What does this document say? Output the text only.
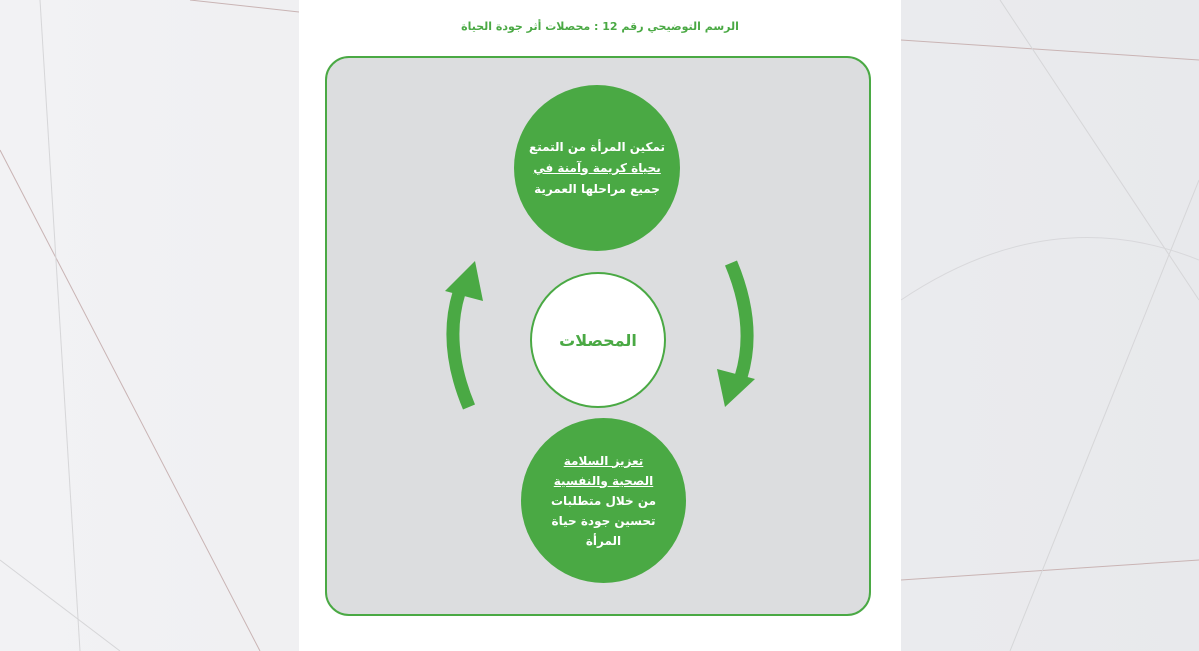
الرسم التوضيحي رقم 12 : محصلات أثر جودة الحياة
تمكين المرأة من التمتع
بحياة كريمة وآمنة في
جميع مراحلها العمرية
المحصلات
تعزيز السلامة
الصحية والنفسية
من خلال متطلبات
تحسين جودة حياة
المرأة
